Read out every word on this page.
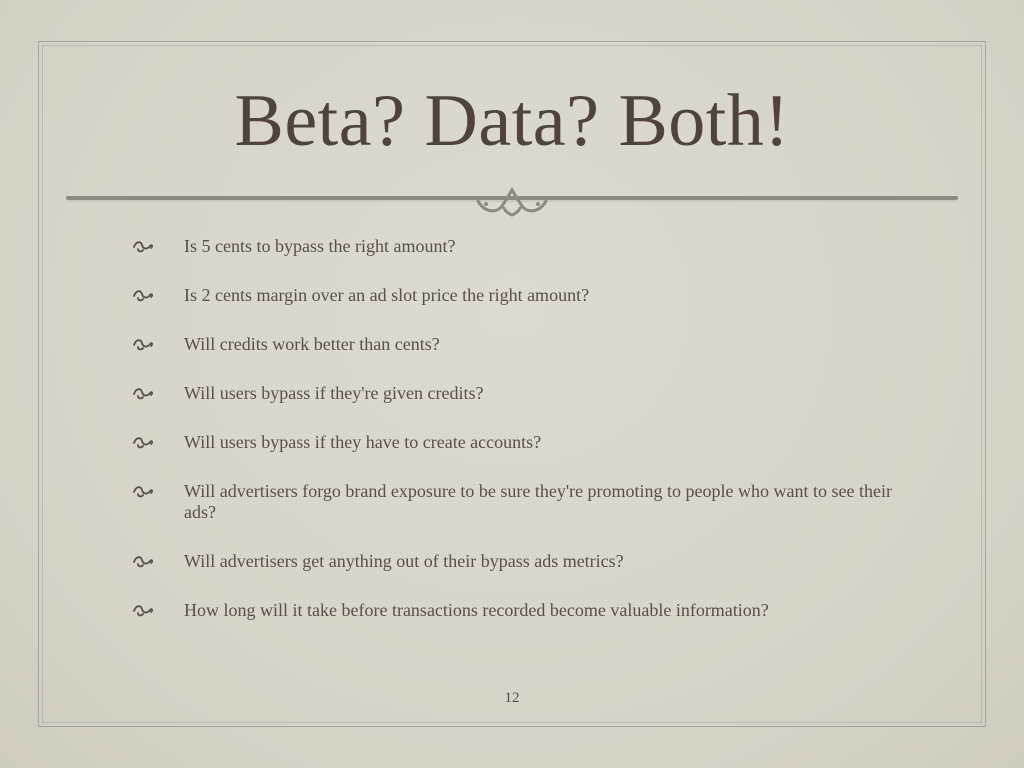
Beta? Data? Both!
Is 5 cents to bypass the right amount?
Is 2 cents margin over an ad slot price the right amount?
Will credits work better than cents?
Will users bypass if they're given credits?
Will users bypass if they have to create accounts?
Will advertisers forgo brand exposure to be sure they're promoting to people who want to see their ads?
Will advertisers get anything out of their bypass ads metrics?
How long will it take before transactions recorded become valuable information?
12
